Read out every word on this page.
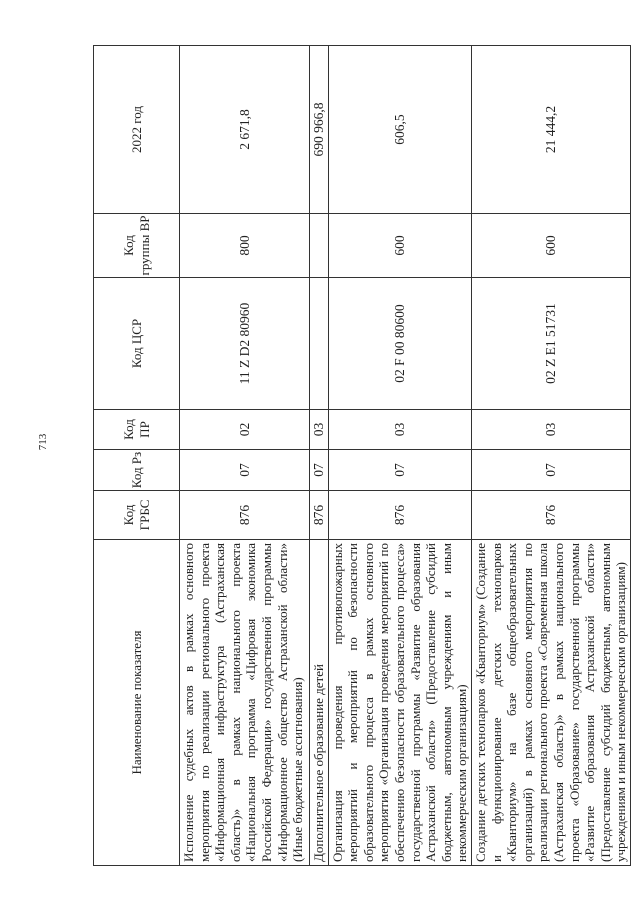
713
Наименование показателя	Код ГРБС	Код Рз	Код ПР	Код ЦСР	Код группы ВР	2022 год
Исполнение судебных актов в рамках основного мероприятия по реализации регионального проекта «Информационная инфраструктура (Астраханская область)» в рамках национального проекта «Национальная программа «Цифровая экономика Российской Федерации» государственной программы «Информационное общество Астраханской области» (Иные бюджетные ассигнования)	876	07	02	11 Z D2 80960	800	2 671,8
Дополнительное образование детей	876	07	03			690 966,8
Организация проведения противопожарных мероприятий и мероприятий по безопасности образовательного процесса в рамках основного мероприятия «Организация проведения мероприятий по обеспечению безопасности образовательного процесса» государственной программы «Развитие образования Астраханской области» (Предоставление субсидий бюджетным, автономным учреждениям и иным некоммерческим организациям)	876	07	03	02 F 00 80600	600	606,5
Создание детских технопарков «Кванториум» (Создание и функционирование детских технопарков «Кванториум» на базе общеобразовательных организаций) в рамках основного мероприятия по реализации регионального проекта «Современная школа (Астраханская область)» в рамках национального проекта «Образование» государственной программы «Развитие образования Астраханской области» (Предоставление субсидий бюджетным, автономным учреждениям и иным некоммерческим организациям)	876	07	03	02 Z E1 51731	600	21 444,2
